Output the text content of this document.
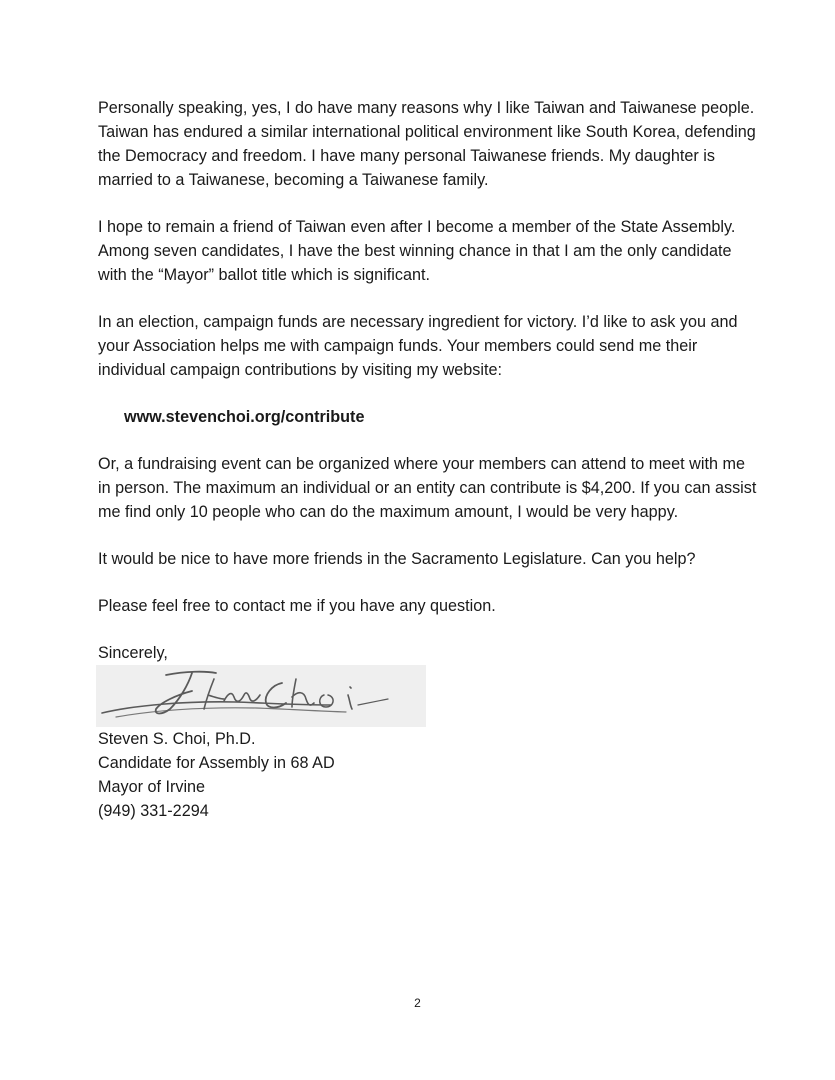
Personally speaking, yes, I do have many reasons why I like Taiwan and Taiwanese people. Taiwan has endured a similar international political environment like South Korea, defending the Democracy and freedom. I have many personal Taiwanese friends. My daughter is married to a Taiwanese, becoming a Taiwanese family.

I hope to remain a friend of Taiwan even after I become a member of the State Assembly. Among seven candidates, I have the best winning chance in that I am the only candidate with the “Mayor” ballot title which is significant.

In an election, campaign funds are necessary ingredient for victory. I’d like to ask you and your Association helps me with campaign funds. Your members could send me their individual campaign contributions by visiting my website:

www.stevenchoi.org/contribute

Or, a fundraising event can be organized where your members can attend to meet with me in person. The maximum an individual or an entity can contribute is $4,200. If you can assist me find only 10 people who can do the maximum amount, I would be very happy.

It would be nice to have more friends in the Sacramento Legislature. Can you help?

Please feel free to contact me if you have any question.

Sincerely,

Steven S. Choi, Ph.D.
Candidate for Assembly in 68 AD
Mayor of Irvine
(949) 331-2294
2
